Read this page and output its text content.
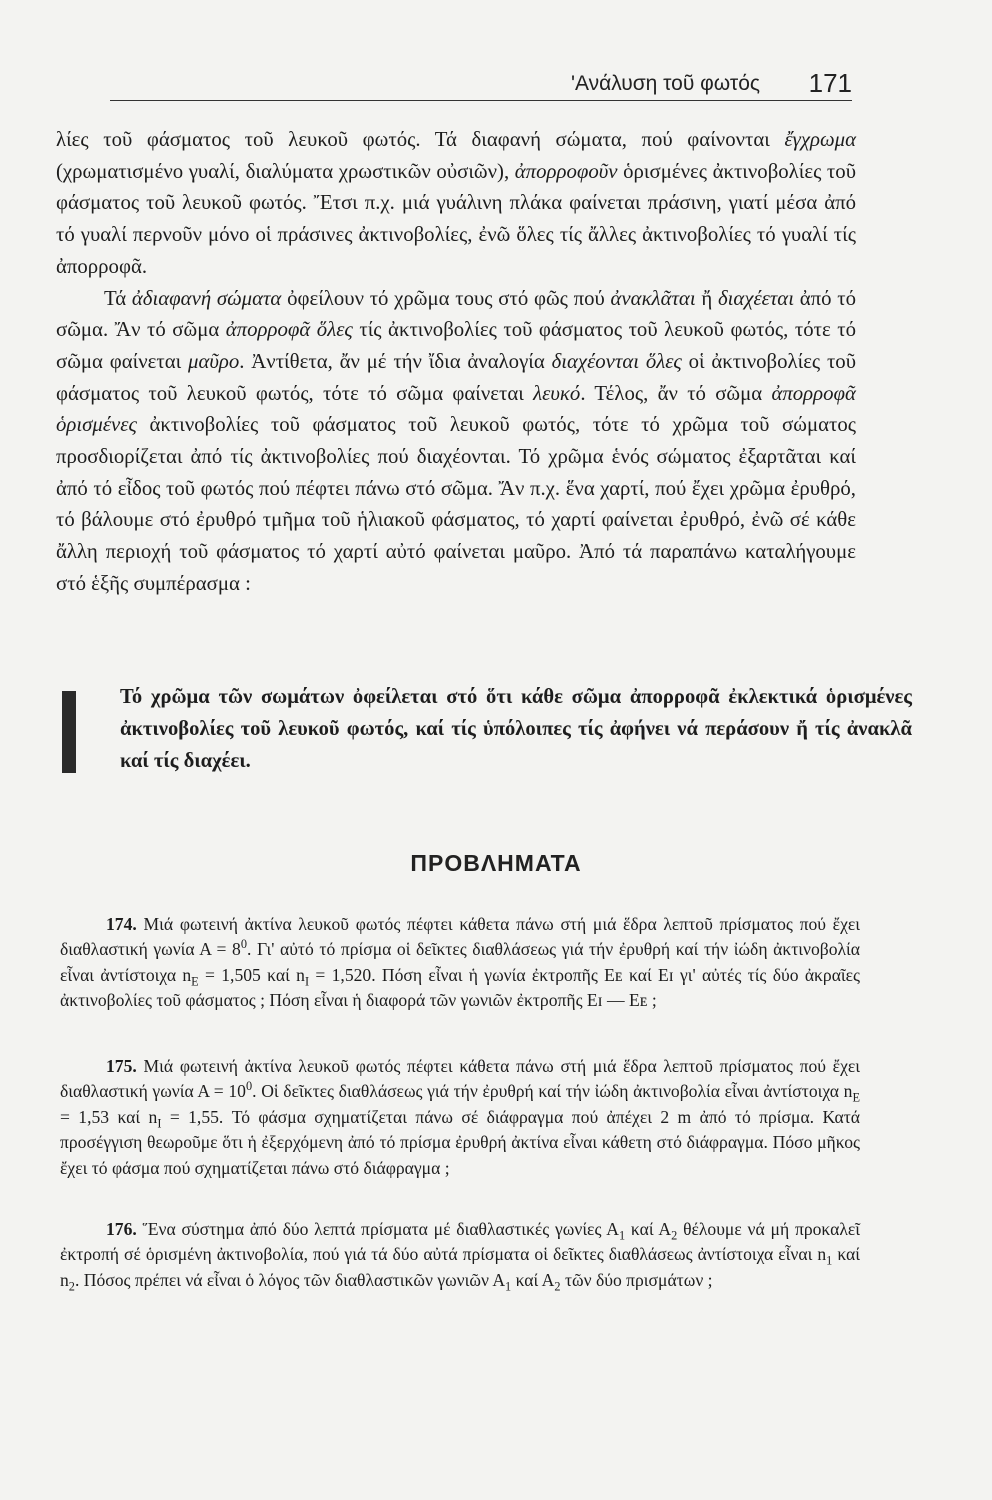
'Ανάλυση τοῦ φωτός 171

λίες τοῦ φάσματος τοῦ λευκοῦ φωτός. Τά διαφανή σώματα, πού φαίνονται ἔγχρωμα (χρωματισμένο γυαλί, διαλύματα χρωστικῶν οὐσιῶν), ἀπορροφοῦν ὁρισμένες ἀκτινοβολίες τοῦ φάσματος τοῦ λευκοῦ φωτός. Ἔτσι π.χ. μιά γυάλινη πλάκα φαίνεται πράσινη, γιατί μέσα ἀπό τό γυαλί περνοῦν μόνο οἱ πράσινες ἀκτινοβολίες, ἐνῶ ὅλες τίς ἄλλες ἀκτινοβολίες τό γυαλί τίς ἀπορροφᾶ.

Τά ἀδιαφανή σώματα ὀφείλουν τό χρῶμα τους στό φῶς πού ἀνακλᾶται ἤ διαχέεται ἀπό τό σῶμα. Ἄν τό σῶμα ἀπορροφᾶ ὅλες τίς ἀκτινοβολίες τοῦ φάσματος τοῦ λευκοῦ φωτός, τότε τό σῶμα φαίνεται μαῦρο. Ἀντίθετα, ἄν μέ τήν ἴδια ἀναλογία διαχέονται ὅλες οἱ ἀκτινοβολίες τοῦ φάσματος τοῦ λευκοῦ φωτός, τότε τό σῶμα φαίνεται λευκό. Τέλος, ἄν τό σῶμα ἀπορροφᾶ ὁρισμένες ἀκτινοβολίες τοῦ φάσματος τοῦ λευκοῦ φωτός, τότε τό χρῶμα τοῦ σώματος προσδιορίζεται ἀπό τίς ἀκτινοβολίες πού διαχέονται. Τό χρῶμα ἑνός σώματος ἐξαρτᾶται καί ἀπό τό εἶδος τοῦ φωτός πού πέφτει πάνω στό σῶμα. Ἄν π.χ. ἕνα χαρτί, πού ἔχει χρῶμα ἐρυθρό, τό βάλουμε στό ἐρυθρό τμῆμα τοῦ ἡλιακοῦ φάσματος, τό χαρτί φαίνεται ἐρυθρό, ἐνῶ σέ κάθε ἄλλη περιοχή τοῦ φάσματος τό χαρτί αὐτό φαίνεται μαῦρο. Ἀπό τά παραπάνω καταλήγουμε στό ἑξῆς συμπέρασμα :

Τό χρῶμα τῶν σωμάτων ὀφείλεται στό ὅτι κάθε σῶμα ἀπορροφᾶ ἐκλεκτικά ὁρισμένες ἀκτινοβολίες τοῦ λευκοῦ φωτός, καί τίς ὑπόλοιπες τίς ἀφήνει νά περάσουν ἤ τίς ἀνακλᾶ καί τίς διαχέει.
ΠΡΟΒΛΗΜΑΤΑ
174. Μιά φωτεινή ἀκτίνα λευκοῦ φωτός πέφτει κάθετα πάνω στή μιά ἕδρα λεπτοῦ πρίσματος πού ἔχει διαθλαστική γωνία $A = 8^0$. Γι' αὐτό τό πρίσμα οἱ δεῖκτες διαθλάσεως γιά τήν ἐρυθρή καί τήν ἰώδη ἀκτινοβολία εἶναι ἀντίστοιχα $n_E = 1,505$ καί $n_I = 1,520$. Πόση εἶναι ἡ γωνία ἐκτροπῆς Εᴇ καί Εɪ γι' αὐτές τίς δύο ἀκραῖες ἀκτινοβολίες τοῦ φάσματος ; Πόση εἶναι ἡ διαφορά τῶν γωνιῶν ἐκτροπῆς Εɪ — Εᴇ ;
175. Μιά φωτεινή ἀκτίνα λευκοῦ φωτός πέφτει κάθετα πάνω στή μιά ἕδρα λεπτοῦ πρίσματος πού ἔχει διαθλαστική γωνία $A = 10^0$. Οἱ δεῖκτες διαθλάσεως γιά τήν ἐρυθρή καί τήν ἰώδη ἀκτινοβολία εἶναι ἀντίστοιχα $n_E = 1,53$ καί $n_I = 1,55$. Τό φάσμα σχηματίζεται πάνω σέ διάφραγμα πού ἀπέχει 2 m ἀπό τό πρίσμα. Κατά προσέγγιση θεωροῦμε ὅτι ἡ ἐξερχόμενη ἀπό τό πρίσμα ἐρυθρή ἀκτίνα εἶναι κάθετη στό διάφραγμα. Πόσο μῆκος ἔχει τό φάσμα πού σχηματίζεται πάνω στό διάφραγμα ;
176. Ἕνα σύστημα ἀπό δύο λεπτά πρίσματα μέ διαθλαστικές γωνίες $A_1$ καί $A_2$ θέλουμε νά μή προκαλεῖ ἐκτροπή σέ ὁρισμένη ἀκτινοβολία, πού γιά τά δύο αὐτά πρίσματα οἱ δεῖκτες διαθλάσεως ἀντίστοιχα εἶναι $n_1$ καί $n_2$. Πόσος πρέπει νά εἶναι ὁ λόγος τῶν διαθλαστικῶν γωνιῶν $A_1$ καί $A_2$ τῶν δύο πρισμάτων ;
